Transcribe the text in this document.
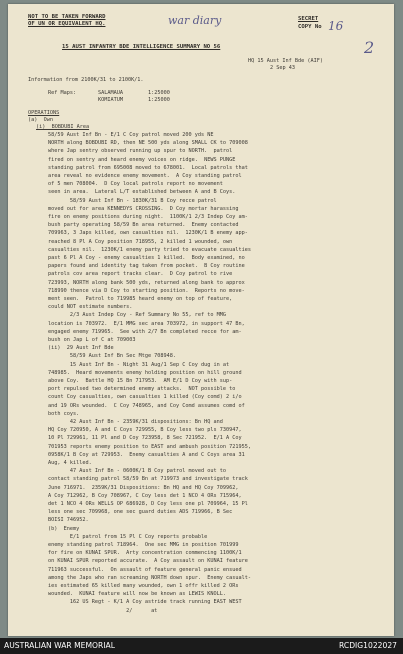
NOT TO BE TAKEN FORWARD
OF UN OR EQUIVALENT HQ.	war diary	SECRET
COPY No 16
2
15 AUST INFANTRY BDE INTELLIGENCE SUMMARY NO 56
HQ 15 Aust Inf Bde (AIF)
2 Sep 43
Information from 2100K/31 to 2100K/1.
Ref Maps:	SALAMAUA	1:25000
KOMIATUM	1:25000
OPERATIONS
(a)  Own
(i)  BOBDUBI Area
58/59 Aust Inf Bn - E/1 C Coy patrol moved 200 yds NE
NORTH along BOBDUBI RD, then NE 500 yds along SMALL CK to 709008
where Jap sentry observed running up spur to NORTH.  patrol
fired on sentry and heard enemy voices on ridge.  NEWS PUNGE
standing patrol from 695008 moved to 678001.  Local patrols that
area reveal no evidence enemy movement.  A Coy standing patrol
of 5 men 708004.  D Coy local patrols report no movement
seen in area.  Lateral L/T established between A and B Coys.
58/59 Aust Inf Bn - 1830K/31 B Coy recce patrol
moved out for area KENNEDYS CROSSING.  D Coy mortar harassing
fire on enemy positions during night.  1100K/1 2/3 Indep Coy am-
bush party operating 58/59 Bn area returned.  Enemy contacted
709963, 3 Japs killed, own casualties nil.  1230K/1 B enemy app-
reached 8 Pl A Coy position 718955, 2 killed 1 wounded, own
casualties nil.  1230K/1 enemy party tried to evacuate casualties
past 6 Pl A Coy - enemy casualties 1 killed.  Body examined, no
papers found and identity tag taken from pocket.  B Coy routine
patrols cov area report tracks clear.  D Coy patrol to rive
723993, NORTH along bank 500 yds, returned along bank to approx
718990 thence via D Coy to starting position.  Reports no move-
ment seen.  Patrol to 719985 heard enemy on top of feature,
could NOT estimate numbers.
2/3 Aust Indep Coy - Ref Summary No 55, ref to MMG
location is 703972.  E/1 MMG sec area 703972, in support 47 Bn,
engaged enemy 719965.  See with 2/7 Bn completed recce for am-
bush on Jap L of C at 709003
(ii)  29 Aust Inf Bde
58/59 Aust Inf Bn Sec Mtge 708948.
15 Aust Inf Bn - Night 31 Aug/1 Sep C Coy dug in at
748985.  Heard movements enemy holding position on hill ground
above Coy.  Battle HQ 15 Bn 717953.  AM E/1 D Coy with sup-
port repulsed two determined enemy attacks.  NOT possible to
count Coy casualties, own casualties 1 killed (Coy comd) 2 i/o
and 19 ORs wounded.  C Coy 748965, and Coy Comd assumes comd of
both coys.
42 Aust Inf Bn - 2359K/31 dispositions: Bn HQ and
HQ Coy 720950, A and C Coys 729955, B Coy less two pls 730947,
10 Pl 729961, 11 Pl and D Coy 723958, 8 Sec 721952.  E/1 A Coy
701953 reports enemy position to EAST and ambush position 721955,
0958K/1 B Coy at 729953.  Enemy casualties A and C Coys area 31
Aug, 4 killed.
47 Aust Inf Bn - 0600K/1 B Coy patrol moved out to
contact standing patrol 58/59 Bn at 719973 and investigate track
June 716971.  2359K/31 Dispositions: Bn HQ and HQ Coy 709962,
A Coy 712962, B Coy 708967, C Coy less det 1 NCO 4 ORs 715964,
det 1 NCO 4 ORs WELLS OP 686928, D Coy less one pl 709964, 15 Pl
less one sec 709968, one sec guard duties ADS 719966, B Sec
BOISI 746952.
(b)  Enemy
E/1 patrol from 15 Pl C Coy reports probable
enemy standing patrol 718964.  One sec MMG in position 701999
for fire on KUNAI SPUR.  Arty concentration commencing 1100K/1
on KUNAI SPUR reported accurate.  A Coy assault on KUNAI feature
711963 successful.  On assault of feature general panic ensued
among the Japs who ran screaming NORTH down spur.  Enemy casualt-
ies estimated 65 killed many wounded, own 1 offr killed 2 ORs
wounded.  KUNAI feature will now be known as LEWIS KNOLL.
162 US Regt - K/1 A Coy astride track running EAST WEST
2/      at
AUSTRALIAN WAR MEMORIAL	RCDIG1022027
